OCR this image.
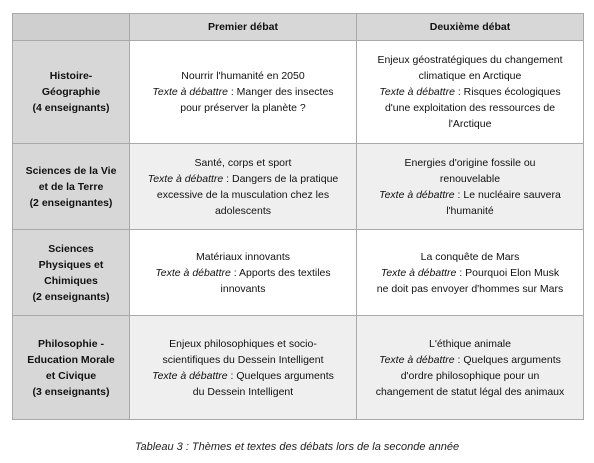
	Premier débat	Deuxième débat

Histoire-
Géographie
(4 enseignants)	Nourrir l'humanité en 2050
Texte à débattre : Manger des insectes
pour préserver la planète ?	Enjeux géostratégiques du changement
climatique en Arctique
Texte à débattre : Risques écologiques
d'une exploitation des ressources de
l'Arctique

Sciences de la Vie
et de la Terre
(2 enseignantes)	Santé, corps et sport
Texte à débattre : Dangers de la pratique
excessive de la musculation chez les
adolescents	Energies d'origine fossile ou
renouvelable
Texte à débattre : Le nucléaire sauvera
l'humanité

Sciences
Physiques et
Chimiques
(2 enseignants)	Matériaux innovants
Texte à débattre : Apports des textiles
innovants	La conquête de Mars
Texte à débattre : Pourquoi Elon Musk
ne doit pas envoyer d'hommes sur Mars

Philosophie -
Education Morale
et Civique
(3 enseignants)	Enjeux philosophiques et socio-
scientifiques du Dessein Intelligent
Texte à débattre : Quelques arguments
du Dessein Intelligent	L'éthique animale
Texte à débattre : Quelques arguments
d'ordre philosophique pour un
changement de statut légal des animaux
Tableau 3 : Thèmes et textes des débats lors de la seconde année
